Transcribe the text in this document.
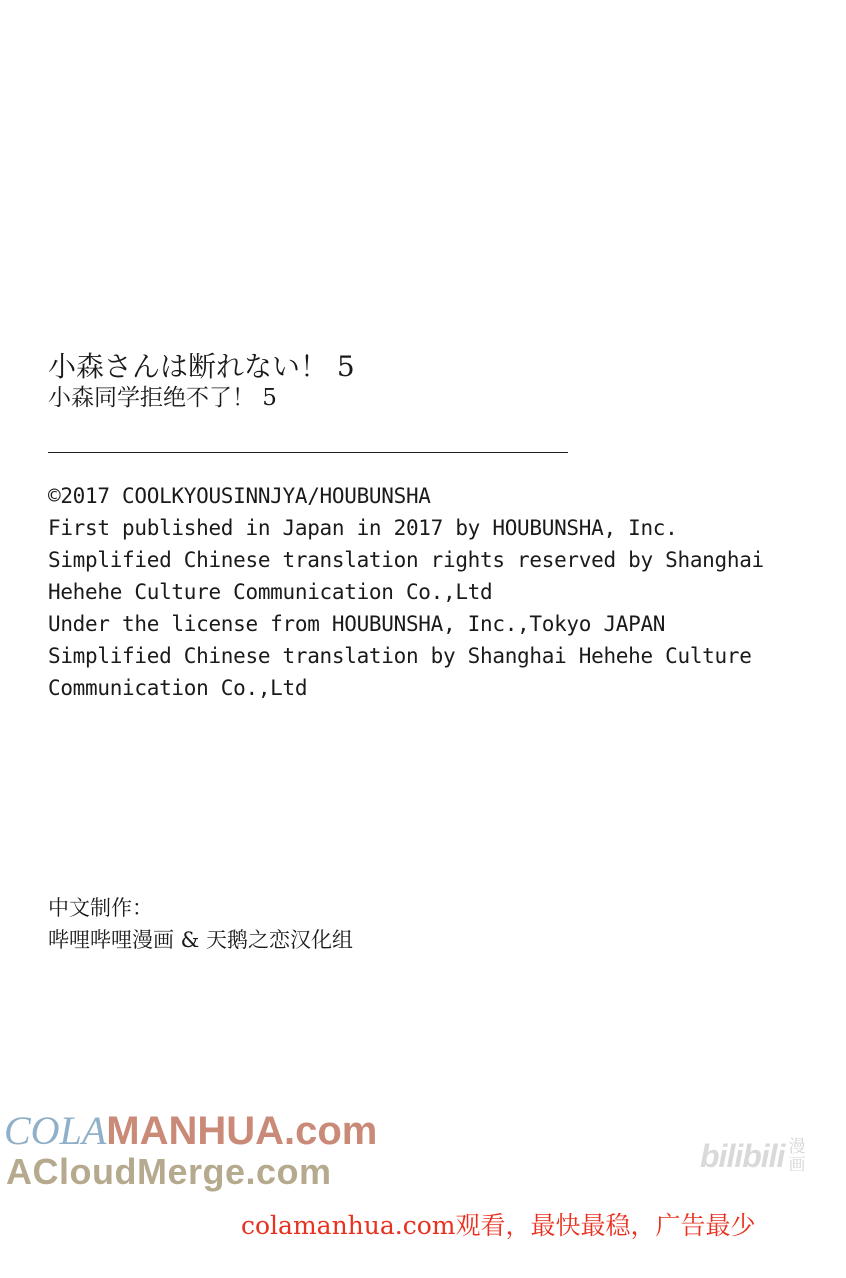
小森さんは断れない！ 5
小森同学拒绝不了！ 5
©2017 COOLKYOUSINNJYA/HOUBUNSHA
First published in Japan in 2017 by HOUBUNSHA, Inc.
Simplified Chinese translation rights reserved by Shanghai
Hehehe Culture Communication Co.,Ltd
Under the license from HOUBUNSHA, Inc.,Tokyo JAPAN
Simplified Chinese translation by Shanghai Hehehe Culture
Communication Co.,Ltd
中文制作：
哔哩哔哩漫画 & 天鹅之恋汉化组
COLAMANHUA.com
ACloudMerge.com	bilibili 漫
画
colamanhua.com观看，最快最稳，广告最少
